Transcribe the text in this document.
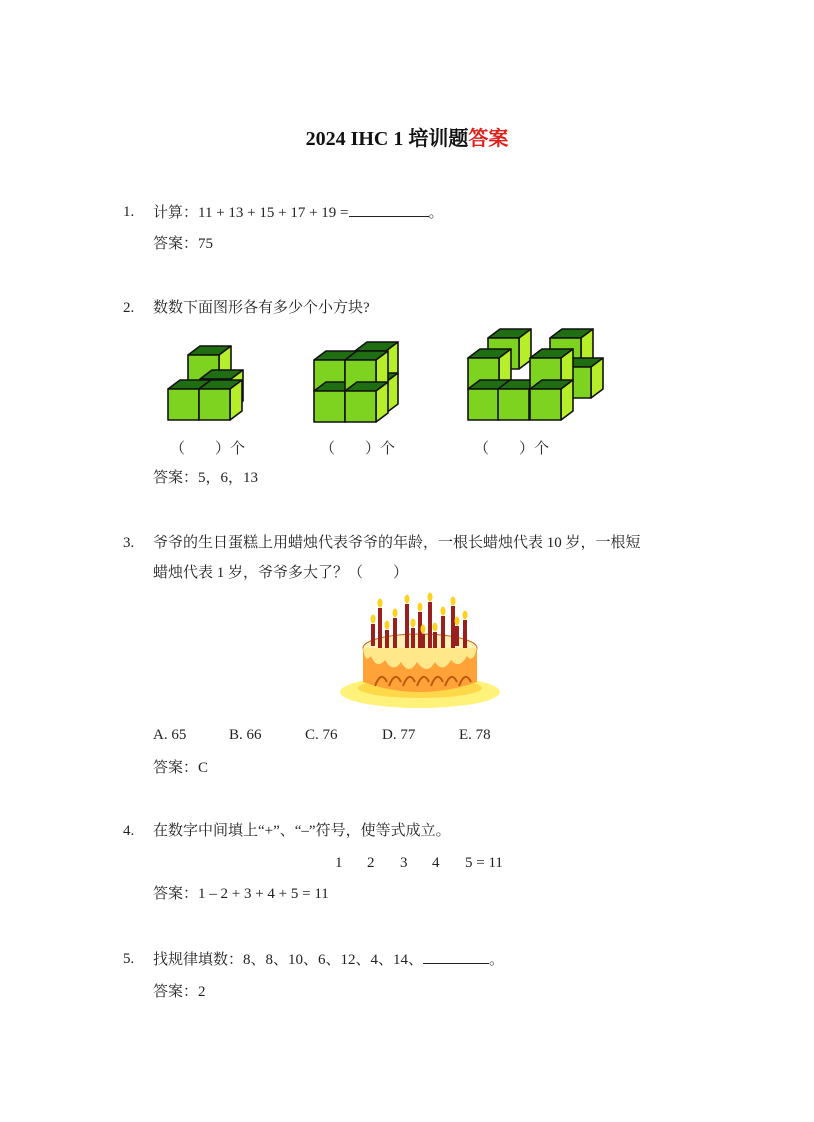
2024 IHC 1 培训题答案
1. 计算：11 + 13 + 15 + 17 + 19 =	。
答案：75
2. 数数下面图形各有多少个小方块?
（　　）个	（　　）个	（　　）个
答案：5，6，13
3. 爷爷的生日蛋糕上用蜡烛代表爷爷的年龄，一根长蜡烛代表 10 岁，一根短
蜡烛代表 1 岁，爷爷多大了？（　　）
A. 65	B. 66	C. 76	D. 77	E. 78
答案：C
4. 在数字中间填上“+”、“–”符号，使等式成立。
1 2 3 4 5 = 11
答案：1 – 2 + 3 + 4 + 5 = 11
5. 找规律填数：8、8、10、6、12、4、14、	。
答案：2
